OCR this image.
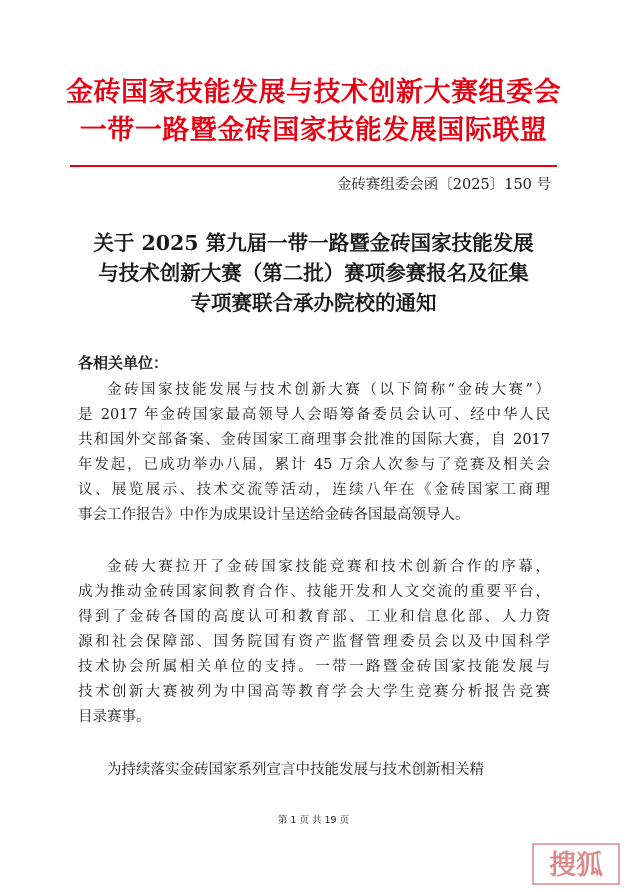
金砖国家技能发展与技术创新大赛组委会
一带一路暨金砖国家技能发展国际联盟
金砖赛组委会函〔2025〕150 号
关于 2025 第九届一带一路暨金砖国家技能发展
与技术创新大赛（第二批）赛项参赛报名及征集
专项赛联合承办院校的通知
各相关单位：
金砖国家技能发展与技术创新大赛（以下简称“金砖大赛”）
是 2017 年金砖国家最高领导人会晤筹备委员会认可、经中华人民
共和国外交部备案、金砖国家工商理事会批准的国际大赛，自 2017
年发起，已成功举办八届，累计 45 万余人次参与了竞赛及相关会
议、展览展示、技术交流等活动，连续八年在《金砖国家工商理
事会工作报告》中作为成果设计呈送给金砖各国最高领导人。
金砖大赛拉开了金砖国家技能竞赛和技术创新合作的序幕，
成为推动金砖国家间教育合作、技能开发和人文交流的重要平台，
得到了金砖各国的高度认可和教育部、工业和信息化部、人力资
源和社会保障部、国务院国有资产监督管理委员会以及中国科学
技术协会所属相关单位的支持。一带一路暨金砖国家技能发展与
技术创新大赛被列为中国高等教育学会大学生竞赛分析报告竞赛
目录赛事。
为持续落实金砖国家系列宣言中技能发展与技术创新相关精
第 1 页 共 19 页
搜狐
